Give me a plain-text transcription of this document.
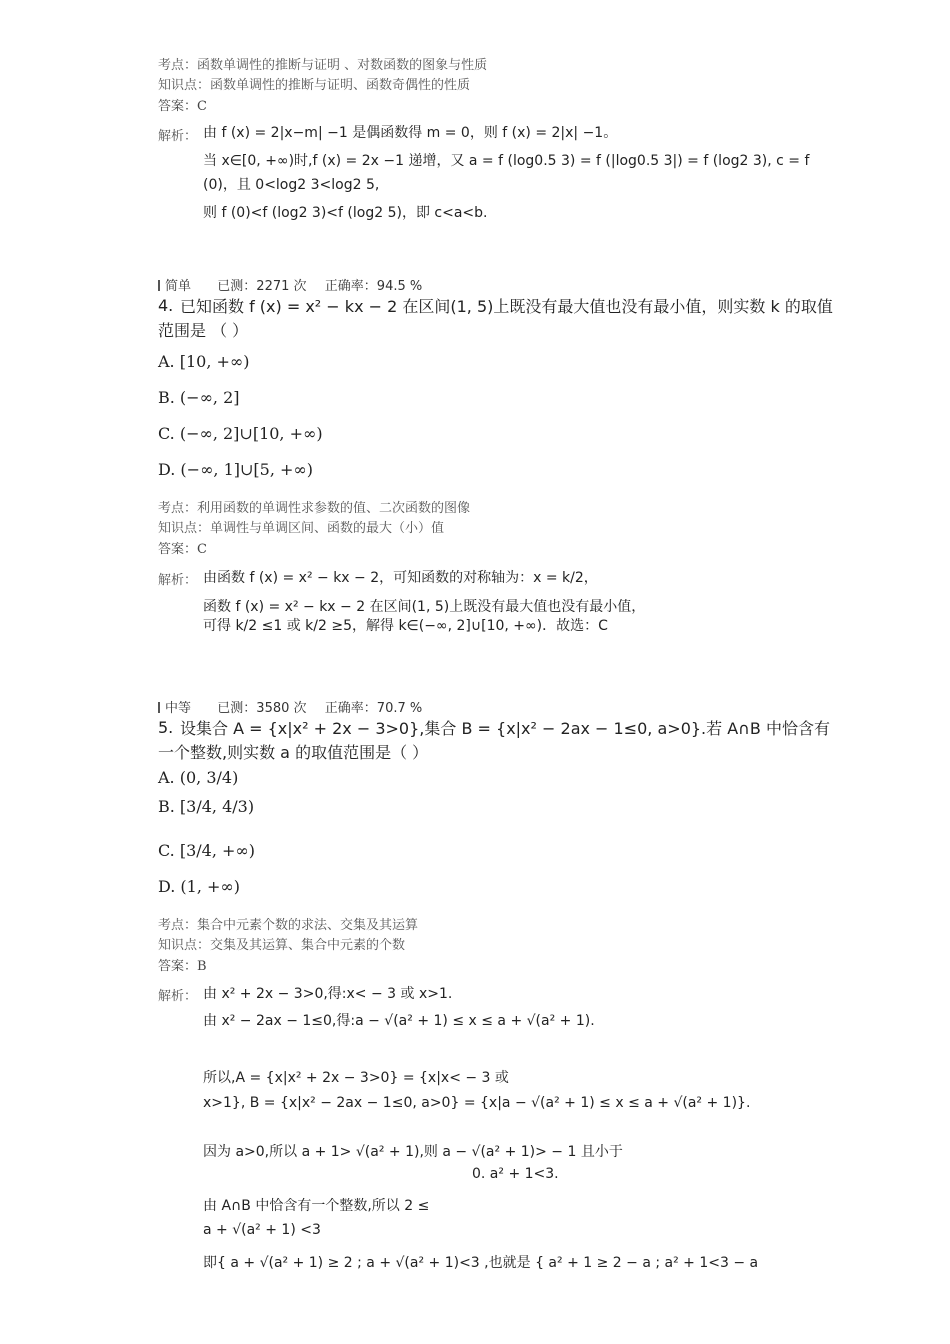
考点：函数单调性的推断与证明 、对数函数的图象与性质
知识点：函数单调性的推断与证明、函数奇偶性的性质
答案：C
解析： 由 f (x) = 2|x−m| −1 是偶函数得 m = 0，则 f (x) = 2|x| −1。
当 x∈[0, +∞)时,f (x) = 2x −1 递增，又 a = f (log0.5 3) = f (|log0.5 3|) = f (log2 3), c = f
(0)，且 0<log2 3<log2 5,
则 f (0)<f (log2 3)<f (log2 5)，即 c<a<b.
简单 已测：2271 次 正确率：94.5 %
4. 已知函数 f (x) = x² − kx − 2 在区间(1, 5)上既没有最大值也没有最小值，则实数 k 的取值
范围是 （ ）
A. [10, +∞)
B. (−∞, 2]
C. (−∞, 2]∪[10, +∞)
D. (−∞, 1]∪[5, +∞)
考点：利用函数的单调性求参数的值、二次函数的图像
知识点：单调性与单调区间、函数的最大（小）值
答案：C
解析： 由函数 f (x) = x² − kx − 2，可知函数的对称轴为：x = k/2，
函数 f (x) = x² − kx − 2 在区间(1, 5)上既没有最大值也没有最小值，
可得 k/2 ≤1 或 k/2 ≥5，解得 k∈(−∞, 2]∪[10, +∞)．故选：C
中等 已测：3580 次 正确率：70.7 %
5. 设集合 A = {x|x² + 2x − 3>0},集合 B = {x|x² − 2ax − 1≤0, a>0}.若 A∩B 中恰含有
一个整数,则实数 a 的取值范围是（ ）
A. (0, 3/4)
B. [3/4, 4/3)
C. [3/4, +∞)
D. (1, +∞)
考点：集合中元素个数的求法、交集及其运算
知识点：交集及其运算、集合中元素的个数
答案：B
解析： 由 x² + 2x − 3>0,得:x< − 3 或 x>1.
由 x² − 2ax − 1≤0,得:a − √(a² + 1) ≤ x ≤ a + √(a² + 1).
所以,A = {x|x² + 2x − 3>0} = {x|x< − 3 或
x>1}, B = {x|x² − 2ax − 1≤0, a>0} = {x|a − √(a² + 1) ≤ x ≤ a + √(a² + 1)}.
因为 a>0,所以 a + 1> √(a² + 1),则 a − √(a² + 1)> − 1 且小于
0. a² + 1<3.
由 A∩B 中恰含有一个整数,所以 2 ≤
a + √(a² + 1) <3
即{ a + √(a² + 1) ≥ 2 ; a + √(a² + 1)<3 ,也就是 { a² + 1 ≥ 2 − a ; a² + 1<3 − a
